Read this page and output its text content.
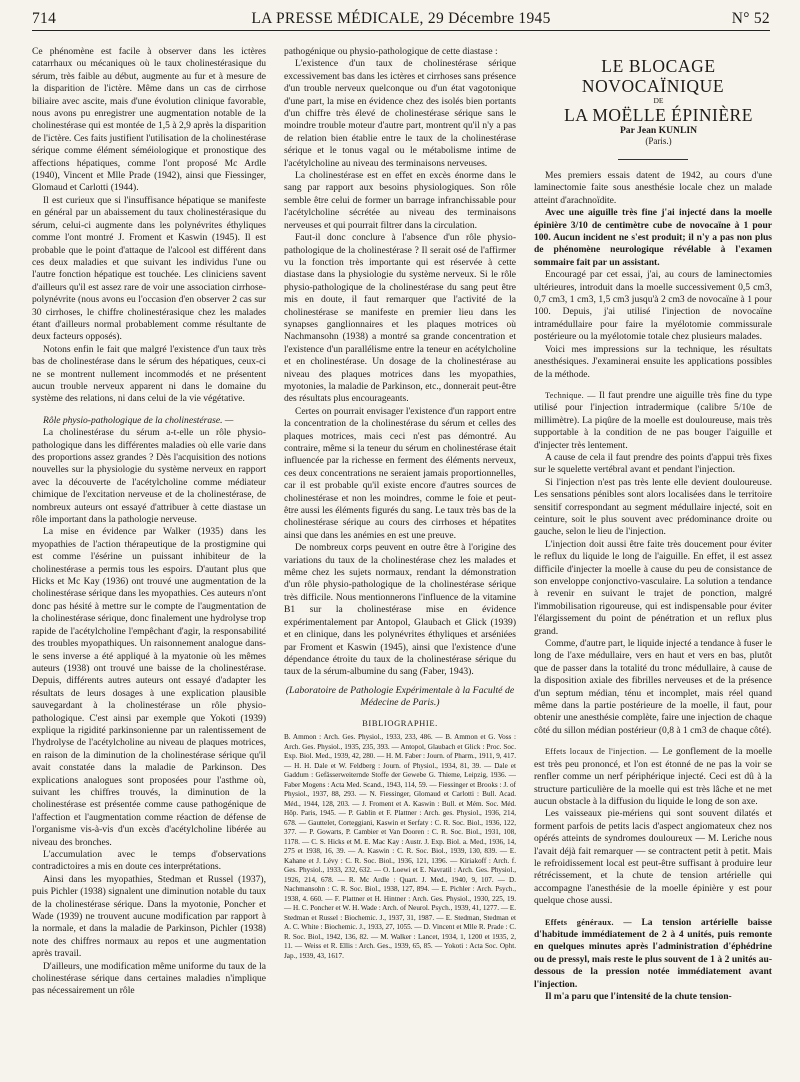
714	LA PRESSE MÉDICALE, 29 Décembre 1945	N° 52

Ce phénomène est facile à observer dans les ictères catarrhaux ou mécaniques où le taux cholinestérasique du sérum, très faible au début, augmente au fur et à mesure de la disparition de l'ictère. Même dans un cas de cirrhose biliaire avec ascite, mais d'une évolution clinique favorable, nous avons pu enregistrer une augmentation notable de la cholinestérase qui est montée de 1,5 à 2,9 après la disparition de l'ictère. Ces faits justifient l'utilisation de la cholinestérase sérique comme élément séméiologique et pronostique des affections hépatiques, comme l'ont proposé Mc Ardle (1940), Vincent et Mlle Prade (1942), ainsi que Fiessinger, Glomaud et Carlotti (1944).

Il est curieux que si l'insuffisance hépatique se manifeste en général par un abaissement du taux cholinestérasique du sérum, celui-ci augmente dans les polynévrites éthyliques comme l'ont montré J. Froment et Kaswin (1945). Il est probable que le point d'attaque de l'alcool est différent dans ces deux maladies et que suivant les individus l'une ou l'autre fonction hépatique est touchée. Les cliniciens savent d'ailleurs qu'il est assez rare de voir une association cirrhose-polynévrite (nous avons eu l'occasion d'en observer 2 cas sur 30 cirrhoses, le chiffre cholinestérasique chez les malades étant d'ailleurs normal probablement comme résultante de deux facteurs opposés).

Notons enfin le fait que malgré l'existence d'un taux très bas de cholinestérase dans le sérum des hépatiques, ceux-ci ne se montrent nullement incommodés et ne présentent aucun trouble nerveux apparent ni dans le domaine du système des relations, ni dans celui de la vie végétative.

Rôle physio-pathologique de la cholinestérase. —

La cholinestérase du sérum a-t-elle un rôle physio-pathologique dans les différentes maladies où elle varie dans des proportions assez grandes ? Dès l'acquisition des notions nouvelles sur la physiologie du système nerveux en rapport avec la découverte de l'acétylcholine comme médiateur chimique de l'excitation nerveuse et de la cholinestérase, de nombreux auteurs ont essayé d'attribuer à cette diastase un rôle important dans la pathologie nerveuse.

La mise en évidence par Walker (1935) dans les myopathies de l'action thérapeutique de la prostigmine qui est comme l'ésérine un puissant inhibiteur de la cholinestérase a permis tous les espoirs. D'autant plus que Hicks et Mc Kay (1936) ont trouvé une augmentation de la cholinestérase sérique dans les myopathies. Ces auteurs n'ont donc pas hésité à mettre sur le compte de l'augmentation de la cholinestérase sérique, donc finalement une hydrolyse trop rapide de l'acétylcholine l'empêchant d'agir, la responsabilité des troubles myopathiques. Un raisonnement analogue dans-le sens inverse a été appliqué à la myatonie où les mêmes auteurs (1938) ont trouvé une baisse de la cholinestérase. Depuis, différents autres auteurs ont essayé d'adapter les résultats de leurs dosages à une explication plausible sauvegardant à la cholinestérase un rôle physio-pathologique. C'est ainsi par exemple que Yokoti (1939) explique la rigidité parkinsonienne par un ralentissement de l'hydrolyse de l'acétylcholine au niveau de plaques motrices, en raison de la diminution de la cholinestérase sérique qu'il avait constatée dans la maladie de Parkinson. Des explications analogues sont proposées pour l'asthme où, suivant les chiffres trouvés, la diminution de la cholinestérase est présentée comme cause pathogénique de l'affection et l'augmentation comme réaction de défense de l'organisme vis-à-vis d'un excès d'acétylcholine libérée au niveau des bronches.

L'accumulation avec le temps d'observations contradictoires a mis en doute ces interprétations.

Ainsi dans les myopathies, Stedman et Russel (1937), puis Pichler (1938) signalent une diminution notable du taux de la cholinestérase sérique. Dans la myotonie, Poncher et Wade (1939) ne trouvent aucune modification par rapport à la normale, et dans la maladie de Parkinson, Pichler (1938) note des chiffres normaux au repos et une augmentation après travail.

D'ailleurs, une modification même uniforme du taux de la cholinestérase sérique dans certaines maladies n'implique pas nécessairement un rôle

pathogénique ou physio-pathologique de cette diastase :

L'existence d'un taux de cholinestérase sérique excessivement bas dans les ictères et cirrhoses sans présence d'un trouble nerveux quelconque ou d'un état vagotonique d'une part, la mise en évidence chez des isolés bien portants d'un chiffre très élevé de cholinestérase sérique sans le moindre trouble moteur d'autre part, montrent qu'il n'y a pas de relation bien établie entre le taux de la cholinestérase sérique et le tonus vagal ou le métabolisme intime de l'acétylcholine au niveau des terminaisons nerveuses.

La cholinestérase est en effet en excès énorme dans le sang par rapport aux besoins physiologiques. Son rôle semble être celui de former un barrage infranchissable pour l'acétylcholine sécrétée au niveau des terminaisons nerveuses et qui pourrait filtrer dans la circulation.

Faut-il donc conclure à l'absence d'un rôle physio-pathologique de la cholinestérase ? Il serait osé de l'affirmer vu la fonction très importante qui est réservée à cette diastase dans la physiologie du système nerveux. Si le rôle physio-pathologique de la cholinestérase du sang peut être mis en doute, il faut remarquer que l'activité de la cholinestérase se manifeste en premier lieu dans les synapses ganglionnaires et les plaques motrices où Nachmansohn (1938) a montré sa grande concentration et l'existence d'un parallélisme entre la teneur en acétylcholine et en cholinestérase. Un dosage de la cholinestérase au niveau des plaques motrices dans les myopathies, myotonies, la maladie de Parkinson, etc., donnerait peut-être des résultats plus encourageants.

Certes on pourrait envisager l'existence d'un rapport entre la concentration de la cholinestérase du sérum et celles des plaques motrices, mais ceci n'est pas démontré. Au contraire, même si la teneur du sérum en cholinestérase était influencée par la richesse en ferment des éléments nerveux, ces deux concentrations ne seraient jamais proportionnelles, car il est probable qu'il existe encore d'autres sources de cholinestérase et non les moindres, comme le foie et peut-être aussi les éléments figurés du sang. Le taux très bas de la cholinestérase sérique au cours des cirrhoses et hépatites ainsi que dans les anémies en est une preuve.

De nombreux corps peuvent en outre être à l'origine des variations du taux de la cholinestérase chez les malades et même chez les sujets normaux, rendant la démonstration d'un rôle physio-pathologique de la cholinestérase sérique très difficile. Nous mentionnerons l'influence de la vitamine B1 sur la cholinestérase mise en évidence expérimentalement par Antopol, Glaubach et Glick (1939) et en clinique, dans les polynévrites éthyliques et arséniées par Froment et Kaswin (1945), ainsi que l'existence d'une dépendance étroite du taux de la cholinestérase sérique du taux de la sérum-albumine du sang (Faber, 1943).

(Laboratoire de Pathologie Expérimentale à la Faculté de Médecine de Paris.)

BIBLIOGRAPHIE.

B. Ammon : Arch. Ges. Physiol., 1933, 233, 486. — B. Ammon et G. Voss : Arch. Ges. Physiol., 1935, 235, 393. — Antopol, Glaubach et Glick : Proc. Soc. Exp. Biol. Med., 1939, 42, 280. — H. M. Faber : Journ. of Pharm., 1911, 9, 417. — H. H. Dale et W. Feldberg : Journ. of Physiol., 1934, 81, 39. — Dale et Gaddum : Gefässerweiternde Stoffe der Gewebe G. Thieme, Leipzig, 1936. — Faber Mogens : Acta Med. Scand., 1943, 114, 59. — Fiessinger et Brooks : J. of Physiol., 1937, 88, 293. — N. Fiessinger, Glomaud et Carlotti : Bull. Acad. Méd., 1944, 128, 203. — J. Froment et A. Kaswin : Bull. et Mém. Soc. Méd. Hôp. Paris, 1945. — P. Gablin et F. Plattner : Arch. ges. Physiol., 1936, 214, 678. — Gauttelet, Corteggiani, Kaswin et Serfaty : C. R. Soc. Biol., 1936, 122, 377. — P. Gowarts, P. Cambier et Van Dooren : C. R. Soc. Biol., 1931, 108, 1178. — C. S. Hicks et M. E. Mac Kay : Austr. J. Exp. Biol. a. Med., 1936, 14, 275 et 1938, 16, 39. — A. Kaswin : C. R. Soc. Biol., 1939, 130, 839. — E. Kahane et J. Lévy : C. R. Soc. Biol., 1936, 121, 1396. — Kiriakoff : Arch. f. Ges. Physiol., 1933, 232, 632. — O. Loewi et E. Navratil : Arch. Ges. Physiol., 1926, 214, 678. — R. Mc Ardle : Quart. J. Med., 1940, 9, 107. — D. Nachmansohn : C. R. Soc. Biol., 1938, 127, 894. — E. Pichler : Arch. Psych., 1938, 4. 660. — F. Plattner et H. Hintner : Arch. Ges. Physiol., 1930, 225, 19. — H. C. Poncher et W. H. Wade : Arch. of Neurol. Psych., 1939, 41, 1277. — E. Stedman et Russel : Biochemic. J., 1937, 31, 1987. — E. Stedman, Stedman et A. C. White : Biochemic. J., 1933, 27, 1055. — D. Vincent et Mlle R. Prade : C. R. Soc. Biol., 1942, 136, 82. — M. Walker : Lancet, 1934, 1, 1200 et 1935, 2, 11. — Weiss et R. Ellis : Arch. Ges., 1939, 65, 85. — Yokoti : Acta Soc. Opht. Jap., 1939, 43, 1617.

LE BLOCAGE NOVOCAÏNIQUE

DE

LA MOËLLE ÉPINIÈRE

Par Jean KUNLIN

(Paris.)

Mes premiers essais datent de 1942, au cours d'une laminectomie faite sous anesthésie locale chez un malade atteint d'arachnoïdite.

Avec une aiguille très fine j'ai injecté dans la moelle épinière 3/10 de centimètre cube de novocaïne à 1 pour 100. Aucun incident ne s'est produit; il n'y a pas non plus de phénomène neurologique révélable à l'examen sommaire fait par un assistant.

Encouragé par cet essai, j'ai, au cours de laminectomies ultérieures, introduit dans la moelle successivement 0,5 cm3, 0,7 cm3, 1 cm3, 1,5 cm3 jusqu'à 2 cm3 de novocaïne à 1 pour 100. Depuis, j'ai utilisé l'injection de novocaïne intramédullaire pour faire la myélotomie commissurale postérieure ou la myélotomie totale chez plusieurs malades.

Voici mes impressions sur la technique, les résultats anesthésiques. J'examinerai ensuite les applications possibles de la méthode.

Technique. — Il faut prendre une aiguille très fine du type utilisé pour l'injection intradermique (calibre 5/10e de millimètre). La piqûre de la moelle est douloureuse, mais très supportable à la condition de ne pas bouger l'aiguille et d'injecter très lentement.

A cause de cela il faut prendre des points d'appui très fixes sur le squelette vertébral avant et pendant l'injection.

Si l'injection n'est pas très lente elle devient douloureuse. Les sensations pénibles sont alors localisées dans le territoire sensitif correspondant au segment médullaire injecté, soit en ceinture, soit le plus souvent avec prédominance droite ou gauche, selon le lieu de l'injection.

L'injection doit aussi être faite très doucement pour éviter le reflux du liquide le long de l'aiguille. En effet, il est assez difficile d'injecter la moelle à cause du peu de consistance de son enveloppe conjonctivo-vasculaire. La solution a tendance à revenir en suivant le trajet de ponction, malgré l'immobilisation rigoureuse, qui est indispensable pour éviter l'élargissement du point de pénétration et un reflux plus grand.

Comme, d'autre part, le liquide injecté a tendance à fuser le long de l'axe médullaire, vers en haut et vers en bas, plutôt que de passer dans la totalité du tronc médullaire, à cause de la disposition axiale des fibrilles nerveuses et de la présence d'un septum médian, ténu et incomplet, mais réel quand même dans la partie postérieure de la moelle, il faut, pour obtenir une anesthésie complète, faire une injection de chaque côté du sillon médian postérieur (0,8 à 1 cm3 de chaque côté).

Effets locaux de l'injection. — Le gonflement de la moelle est très peu prononcé, et l'on est étonné de ne pas la voir se renfler comme un nerf périphérique injecté. Ceci est dû à la structure particulière de la moelle qui est très lâche et ne met aucun obstacle à la diffusion du liquide le long de son axe.

Les vaisseaux pie-mériens qui sont souvent dilatés et forment parfois de petits lacis d'aspect angiomateux chez nos opérés atteints de syndromes douloureux — M. Leriche nous l'avait déjà fait remarquer — se contractent petit à petit. Mais le refroidissement local est peut-être suffisant à produire leur rétrécissement, et la chute de tension artérielle qui accompagne l'anesthésie de la moelle épinière y est pour quelque chose aussi.

Effets généraux. — La tension artérielle baisse d'habitude immédiatement de 2 à 4 unités, puis remonte en quelques minutes après l'administration d'éphédrine ou de pressyl, mais reste le plus souvent de 1 à 2 unités au-dessous de la pression notée immédiatement avant l'injection.

Il m'a paru que l'intensité de la chute tension-
